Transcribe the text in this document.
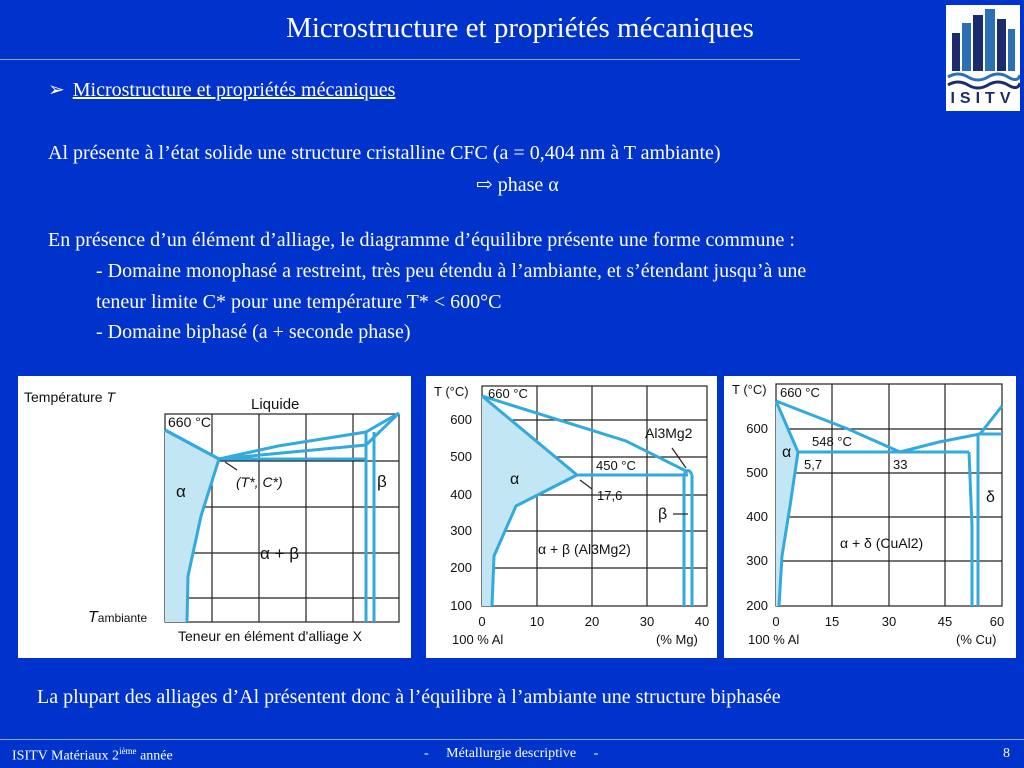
Microstructure et propriétés mécaniques
ISITV
➢ Microstructure et propriétés mécaniques
Al présente à l’état solide une structure cristalline CFC (a = 0,404 nm à T ambiante)
⇨ phase α
En présence d’un élément d’alliage, le diagramme d’équilibre présente une forme commune :
- Domaine monophasé a restreint, très peu étendu à l’ambiante, et s’étendant jusqu’à une
teneur limite C* pour une température T* < 600°C
- Domaine biphasé (a + seconde phase)
Température T
660 °C
Liquide
α	(T*, C*)	β
α + β
Tambiante
Teneur en élément d'alliage X
T (°C)
600
500
400
300
200
100
0	10	20	30	40
100 % Al	(% Mg)
660 °C
α
Al3Mg2
450 °C
17,6
β
α + β (Al3Mg2)
T (°C)
600
500
400
300
200
0	15	30	45	60
100 % Al	(% Cu)
660 °C
548 °C
α
5,7	33
δ
α + δ (CuAl2)
La plupart des alliages d’Al présentent donc à l’équilibre à l’ambiante une structure biphasée
ISITV Matériaux 2ième année	-     Métallurgie descriptive     -	8
